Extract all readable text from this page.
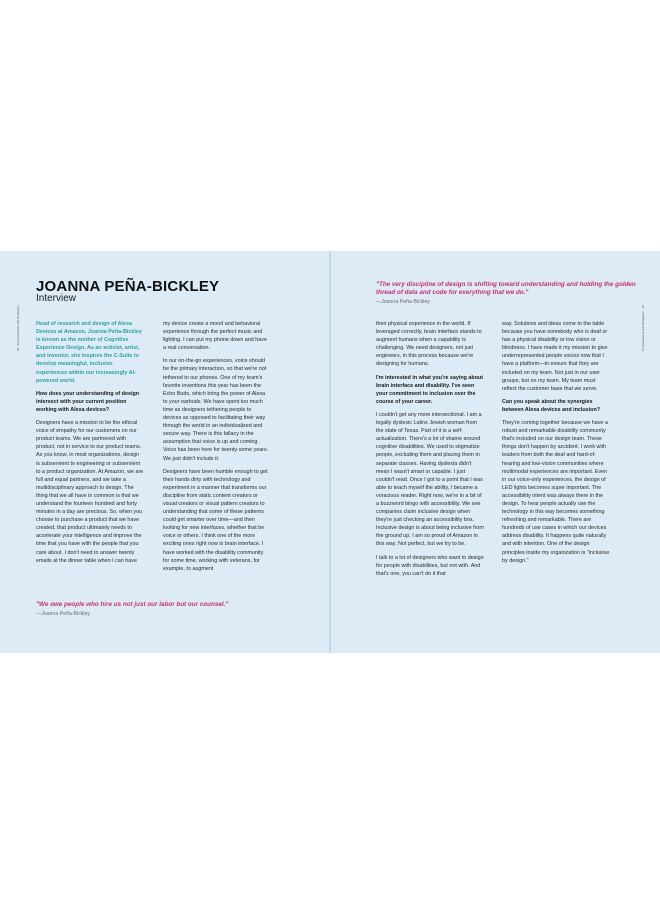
18 · Conversations with Designers	Conversations with Designers · 19
JOANNA PEÑA-BICKLEY
Interview

Head of research and design of Alexa Devices at Amazon, Joanna Peña-Bickley is known as the mother of Cognitive Experience Design. As an activist, artist, and inventor, she inspires the C-Suite to develop meaningful, inclusive experiences within our increasingly AI-powered world.

How does your understanding of design intersect with your current position working with Alexa devices?

Designers have a mission to be the ethical voice of empathy for our customers on our product teams. We are partnered with product, not in service to our product teams. As you know, in most organizations, design is subservient to engineering or subservient to a product organization. At Amazon, we are full and equal partners, and we take a multidisciplinary approach to design. The thing that we all have in common is that we understand the fourteen hundred and forty minutes in a day are precious. So, when you choose to purchase a product that we have created, that product ultimately needs to accelerate your intelligence and improve the time that you have with the people that you care about. I don't need to answer twenty emails at the dinner table when I can have

my device create a mood and behavioral experience through the perfect music and lighting. I can put my phone down and have a real conversation.

In our on-the-go experiences, voice should be the primary interaction, so that we're not tethered to our phones. One of my team's favorite inventions this year has been the Echo Buds, which bring the power of Alexa to your earbuds. We have spent too much time as designers tethering people to devices as opposed to facilitating their way through the world in an individualized and secure way. There is this fallacy in the assumption that voice is up and coming. Voice has been here for twenty-some years. We just didn't include it.

Designers have been humble enough to get their hands dirty with technology and experiment in a manner that transforms our discipline from static content creators or visual creators or visual pattern creators to understanding that some of these patterns could get smarter over time—and then looking for new interfaces, whether that be voice or others. I think one of the more exciting ones right now is brain interface. I have worked with the disability community for some time, working with veterans, for example, to augment

"We owe people who hire us not just our labor but our counsel."

—Joanna Peña-Bickley

"The very discipline of design is shifting toward understanding and holding the golden thread of data and code for everything that we do."

—Joanna Peña-Bickley

their physical experience in the world. If leveraged correctly, brain interface stands to augment humans when a capability is challenging. We need designers, not just engineers, in this process because we're designing for humans.

I'm interested in what you're saying about brain interface and disability. I've seen your commitment to inclusion over the course of your career.

I couldn't get any more intersectional. I am a legally dyslexic Latinx Jewish woman from the state of Texas. Part of it is a self-actualization. There's a lot of shame around cognitive disabilities. We used to stigmatize people, excluding them and placing them in separate classes. Having dyslexia didn't mean I wasn't smart or capable. I just couldn't read. Once I got to a point that I was able to teach myself the ability, I became a voracious reader. Right now, we're in a bit of a buzzword bingo with accessibility. We see companies claim inclusive design when they're just checking an accessibility box. Inclusive design is about being inclusive from the ground up. I am so proud of Amazon in this way. Not perfect, but we try to be.

I talk to a lot of designers who want to design for people with disabilities, but not with. And that's one, you can't do it that

way. Solutions and ideas come to the table because you have somebody who is deaf or has a physical disability or low vision or blindness. I have made it my mission to give underrepresented people voices now that I have a platform—to ensure that they are included on my team. Not just in our user groups, but on my team. My team must reflect the customer base that we serve.

Can you speak about the synergies between Alexa devices and inclusion?

They're coming together because we have a robust and remarkable disability community that's included on our design team. These things don't happen by accident. I work with leaders from both the deaf and hard-of-hearing and low-vision communities where multimodal experiences are important. Even in our voice-only experiences, the design of LED lights becomes super important. The accessibility intent was always there in the design. To hear people actually use the technology in this way becomes something refreshing and remarkable. There are hundreds of use cases in which our devices address disability. It happens quite naturally and with intention. One of the design principles inside my organization is "inclusive by design."
